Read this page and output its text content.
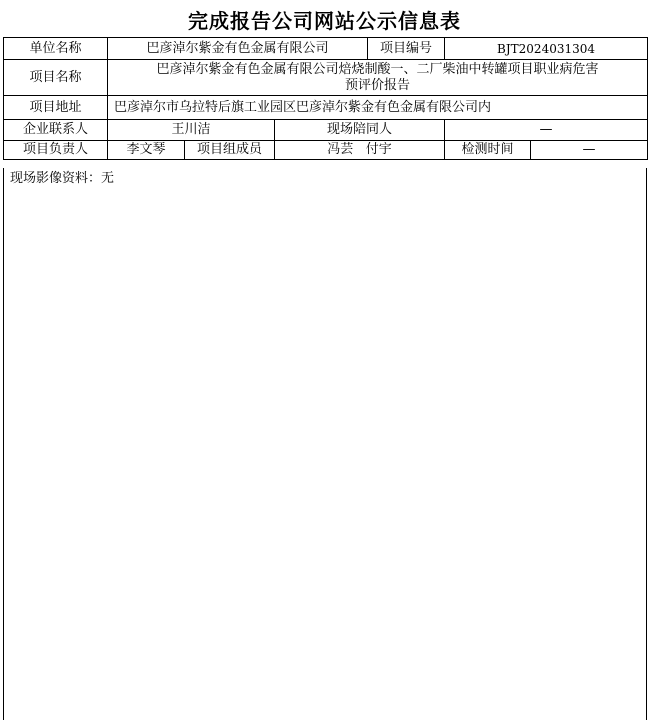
完成报告公司网站公示信息表
单位名称	巴彦淖尔紫金有色金属有限公司			项目编号	BJT2024031304	
项目名称	巴彦淖尔紫金有色金属有限公司焙烧制酸一、二厂柴油中转罐项目职业病危害
预评价报告					

项目地址	巴彦淖尔市乌拉特后旗工业园区巴彦淖尔紫金有色金属有限公司内					
企业联系人	王川洁		现场陪同人		—	
项目负责人	李文琴	项目组成员	冯芸   付宇		检测时间	—
现场影像资料：无
